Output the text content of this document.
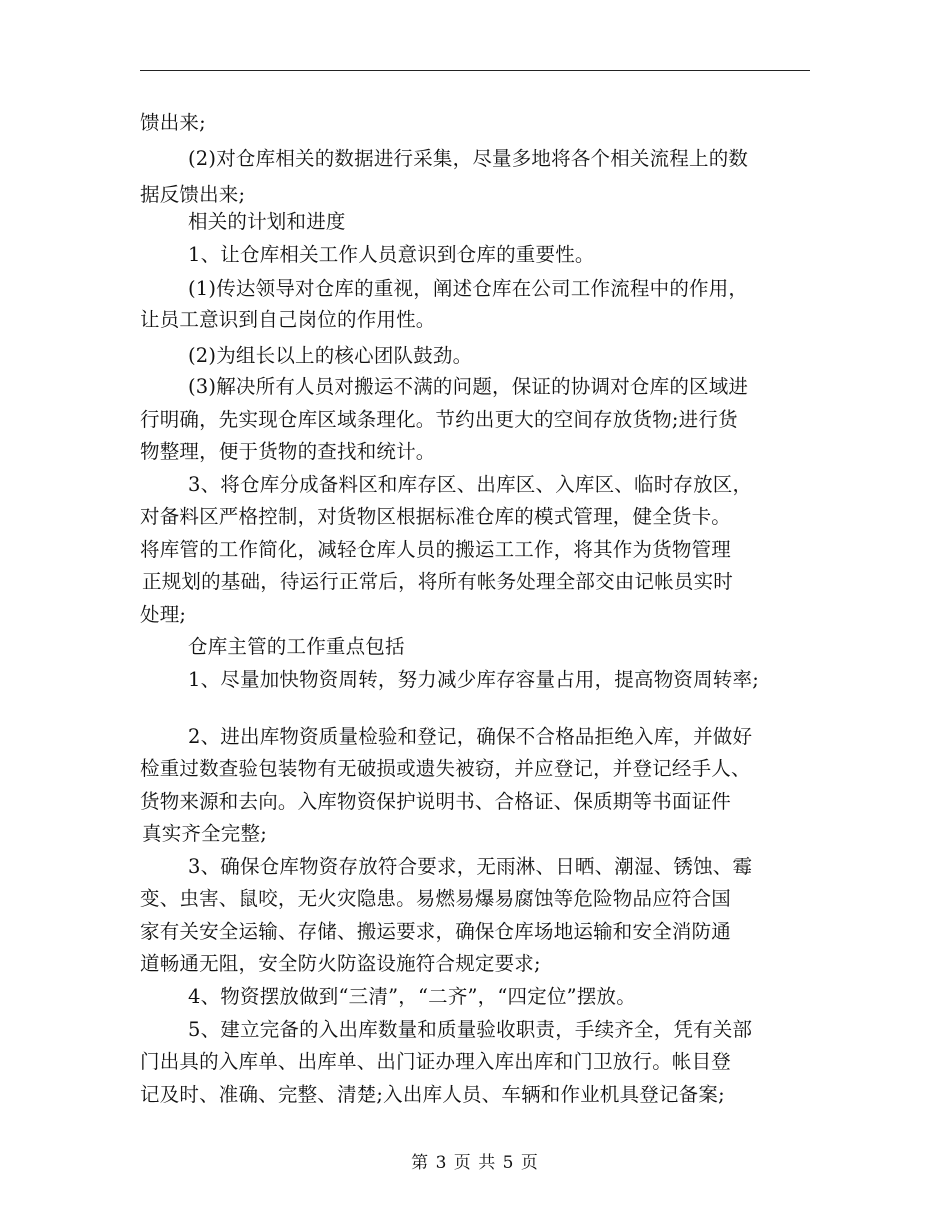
馈出来;
(2)对仓库相关的数据进行采集，尽量多地将各个相关流程上的数
据反馈出来;
相关的计划和进度
1、让仓库相关工作人员意识到仓库的重要性。
(1)传达领导对仓库的重视，阐述仓库在公司工作流程中的作用，
让员工意识到自己岗位的作用性。
(2)为组长以上的核心团队鼓劲。
(3)解决所有人员对搬运不满的问题，保证的协调对仓库的区域进
行明确，先实现仓库区域条理化。节约出更大的空间存放货物;进行货
物整理，便于货物的查找和统计。
3、将仓库分成备料区和库存区、出库区、入库区、临时存放区，
对备料区严格控制，对货物区根据标准仓库的模式管理，健全货卡。
将库管的工作简化，减轻仓库人员的搬运工工作，将其作为货物管理
正规划的基础，待运行正常后，将所有帐务处理全部交由记帐员实时
处理;
仓库主管的工作重点包括
1、尽量加快物资周转，努力减少库存容量占用，提高物资周转率;
2、进出库物资质量检验和登记，确保不合格品拒绝入库，并做好
检重过数查验包装物有无破损或遗失被窃，并应登记，并登记经手人、
货物来源和去向。入库物资保护说明书、合格证、保质期等书面证件
真实齐全完整;
3、确保仓库物资存放符合要求，无雨淋、日晒、潮湿、锈蚀、霉
变、虫害、鼠咬，无火灾隐患。易燃易爆易腐蚀等危险物品应符合国
家有关安全运输、存储、搬运要求，确保仓库场地运输和安全消防通
道畅通无阻，安全防火防盗设施符合规定要求;
4、物资摆放做到“三清”，“二齐”，“四定位”摆放。
5、建立完备的入出库数量和质量验收职责，手续齐全，凭有关部
门出具的入库单、出库单、出门证办理入库出库和门卫放行。帐目登
记及时、准确、完整、清楚;入出库人员、车辆和作业机具登记备案;
第 3 页 共 5 页
